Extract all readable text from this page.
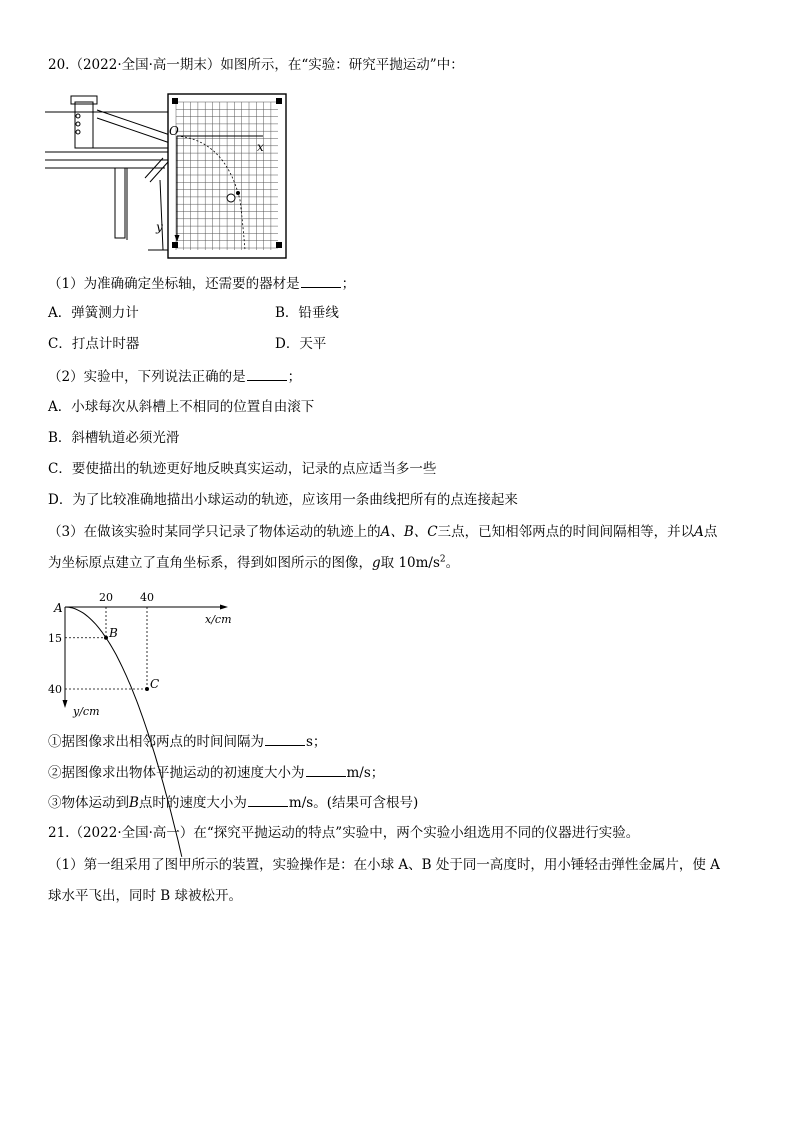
20.（2022·全国·高一期末）如图所示，在“实验：研究平抛运动”中：
O
x
y
（1）为准确确定坐标轴，还需要的器材是	；
A．弹簧测力计	B．铅垂线
C．打点计时器	D．天平
（2）实验中，下列说法正确的是	；
A．小球每次从斜槽上不相同的位置自由滚下
B．斜槽轨道必须光滑
C．要使描出的轨迹更好地反映真实运动，记录的点应适当多一些
D．为了比较准确地描出小球运动的轨迹，应该用一条曲线把所有的点连接起来
（3）在做该实验时某同学只记录了物体运动的轨迹上的A、B、C三点，已知相邻两点的时间间隔相等，并以A点
为坐标原点建立了直角坐标系，得到如图所示的图像，g取 $10m/s^2$。
20 40
15
40
A
B
C
x/cm
y/cm
①据图像求出相邻两点的时间间隔为	s；
②据图像求出物体平抛运动的初速度大小为	m/s；
③物体运动到B点时的速度大小为	m/s。(结果可含根号)
21.（2022·全国·高一）在“探究平抛运动的特点”实验中，两个实验小组选用不同的仪器进行实验。
（1）第一组采用了图甲所示的装置，实验操作是：在小球 A、B 处于同一高度时，用小锤轻击弹性金属片，使 A
球水平飞出，同时 B 球被松开。
